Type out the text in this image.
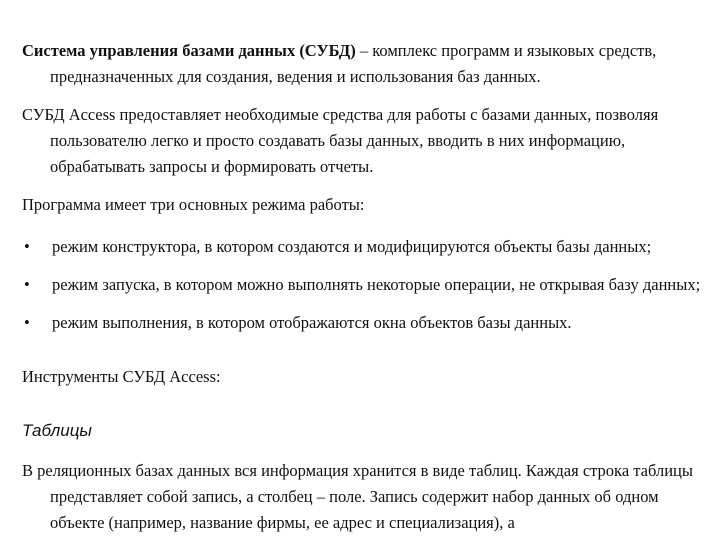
Система управления базами данных (СУБД) – комплекс программ и языковых средств, предназначенных для создания, ведения и использования баз данных.

СУБД Access предоставляет необходимые средства для работы с базами данных, позволяя пользователю легко и просто создавать базы данных, вводить в них информацию, обрабатывать запросы и формировать отчеты.

Программа имеет три основных режима работы:

• режим конструктора, в котором создаются и модифицируются объекты базы данных;
• режим запуска, в котором можно выполнять некоторые операции, не открывая базу данных;
• режим выполнения, в котором отображаются окна объектов базы данных.
Инструменты СУБД Access:
Таблицы

В реляционных базах данных вся информация хранится в виде таблиц. Каждая строка таблицы представляет собой запись, а столбец – поле. Запись содержит набор данных об одном объекте (например, название фирмы, ее адрес и специализация), а
